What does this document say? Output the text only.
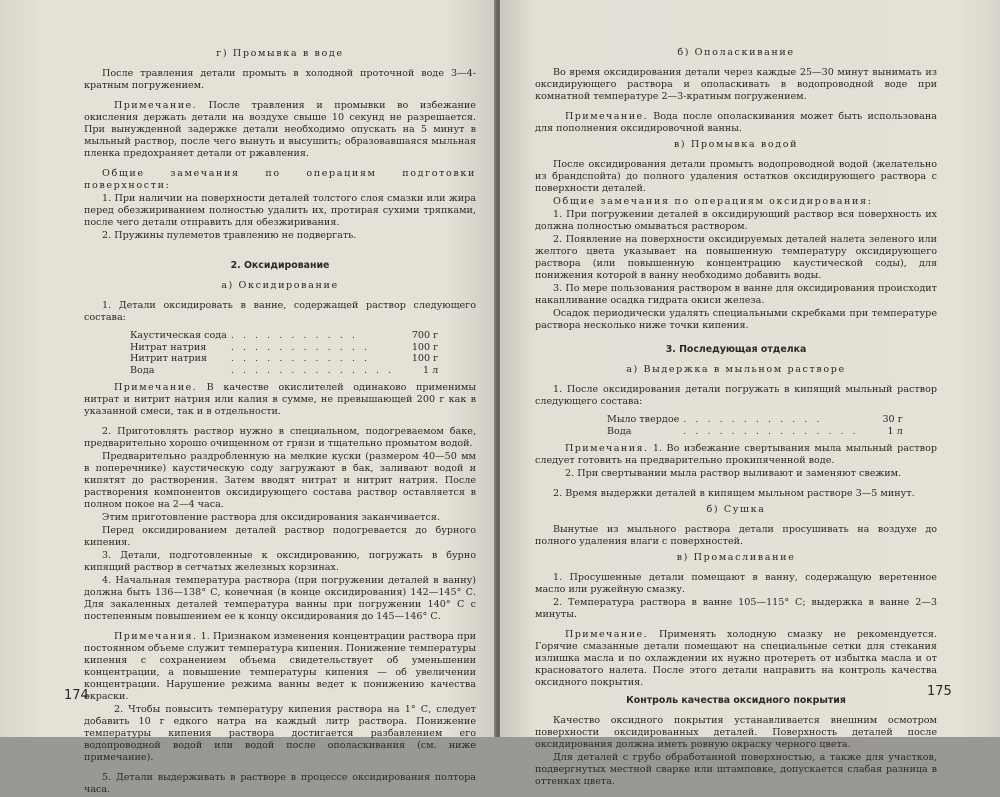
г) Промывка в воде

После травления детали промыть в холодной проточной воде 3—4-кратным погружением.

Примечание. После травления и промывки во избежание окисления держать детали на воздухе свыше 10 секунд не разрешается. При вынужденной задержке детали необходимо опускать на 5 минут в мыльный раствор, после чего вынуть и высушить; образовавшаяся мыльная пленка предохраняет детали от ржавления.

Общие замечания по операциям подготовки поверхности:

1. При наличии на поверхности деталей толстого слоя смазки или жира перед обезжириванием полностью удалить их, протирая сухими тряпками, после чего детали отправить для обезжиривания.

2. Пружины пулеметов травлению не подвергать.

2. Оксидирование

а) Оксидирование

1. Детали оксидировать в ванне, содержащей раствор следующего состава:

Каустическая сода	. . . . . . . . . . .	700 г
Нитрат натрия	. . . . . . . . . . . .	100 г
Нитрит натрия	. . . . . . . . . . . .	100 г
Вода	. . . . . . . . . . . . . .	1 л

Примечание. В качестве окислителей одинаково применимы нитрат и нитрит натрия или калия в сумме, не превышающей 200 г как в указанной смеси, так и в отдельности.

2. Приготовлять раствор нужно в специальном, подогреваемом баке, предварительно хорошо очищенном от грязи и тщательно промытом водой.

Предварительно раздробленную на мелкие куски (размером 40—50 мм в поперечнике) каустическую соду загружают в бак, заливают водой и кипятят до растворения. Затем вводят нитрат и нитрит натрия. После растворения компонентов оксидирующего состава раствор оставляется в полном покое на 2—4 часа.

Этим приготовление раствора для оксидирования заканчивается.

Перед оксидированием деталей раствор подогревается до бурного кипения.

3. Детали, подготовленные к оксидированию, погружать в бурно кипящий раствор в сетчатых железных корзинах.

4. Начальная температура раствора (при погружении деталей в ванну) должна быть 136—138° С, конечная (в конце оксидирования) 142—145° С. Для закаленных деталей температура ванны при погружении 140° С с постепенным повышением ее к концу оксидирования до 145—146° С.

Примечания. 1. Признаком изменения концентрации раствора при постоянном объеме служит температура кипения. Понижение температуры кипения с сохранением объема свидетельствует об уменьшении концентрации, а повышение температуры кипения — об увеличении концентрации. Нарушение режима ванны ведет к понижению качества окраски.

2. Чтобы повысить температуру кипения раствора на 1° С, следует добавить 10 г едкого натра на каждый литр раствора. Понижение температуры кипения раствора достигается разбавлением его водопроводной водой или водой после ополаскивания (см. ниже примечание).

5. Детали выдерживать в растворе в процессе оксидирования полтора часа.

174

б) Ополаскивание

Во время оксидирования детали через каждые 25—30 минут вынимать из оксидирующего раствора и ополаскивать в водопроводной воде при комнатной температуре 2—3-кратным погружением.

Примечание. Вода после ополаскивания может быть использована для пополнения оксидировочной ванны.

в) Промывка водой

После оксидирования детали промыть водопроводной водой (желательно из брандспойта) до полного удаления остатков оксидирующего раствора с поверхности деталей.

Общие замечания по операциям оксидирования:

1. При погружении деталей в оксидирующий раствор вся поверхность их должна полностью омываться раствором.

2. Появление на поверхности оксидируемых деталей налета зеленого или желтого цвета указывает на повышенную температуру оксидирующего раствора (или повышенную концентрацию каустической соды), для понижения которой в ванну необходимо добавить воды.

3. По мере пользования раствором в ванне для оксидирования происходит накапливание осадка гидрата окиси железа.

Осадок периодически удалять специальными скребками при температуре раствора несколько ниже точки кипения.

3. Последующая отделка

а) Выдержка в мыльном растворе

1. После оксидирования детали погружать в кипящий мыльный раствор следующего состава:

Мыло твердое	. . . . . . . . . . . .	30 г
Вода	. . . . . . . . . . . . . . .	1 л

Примечания. 1. Во избежание свертывания мыла мыльный раствор следует готовить на предварительно прокипяченной воде.

2. При свертывании мыла раствор выливают и заменяют свежим.

2. Время выдержки деталей в кипящем мыльном растворе 3—5 минут.

б) Сушка

Вынутые из мыльного раствора детали просушивать на воздухе до полного удаления влаги с поверхностей.

в) Промасливание

1. Просушенные детали помещают в ванну, содержащую веретенное масло или ружейную смазку.

2. Температура раствора в ванне 105—115° С; выдержка в ванне 2—3 минуты.

Примечание. Применять холодную смазку не рекомендуется. Горячие смазанные детали помещают на специальные сетки для стекания излишка масла и по охлаждении их нужно протереть от избытка масла и от красноватого налета. После этого детали направить на контроль качества оксидного покрытия.

Контроль качества оксидного покрытия

Качество оксидного покрытия устанавливается внешним осмотром поверхности оксидированных деталей. Поверхность деталей после оксидирования должна иметь ровную окраску черного цвета.

Для деталей с грубо обработанной поверхностью, а также для участков, подвергнутых местной сварке или штамповке, допускается слабая разница в оттенках цвета.

175
